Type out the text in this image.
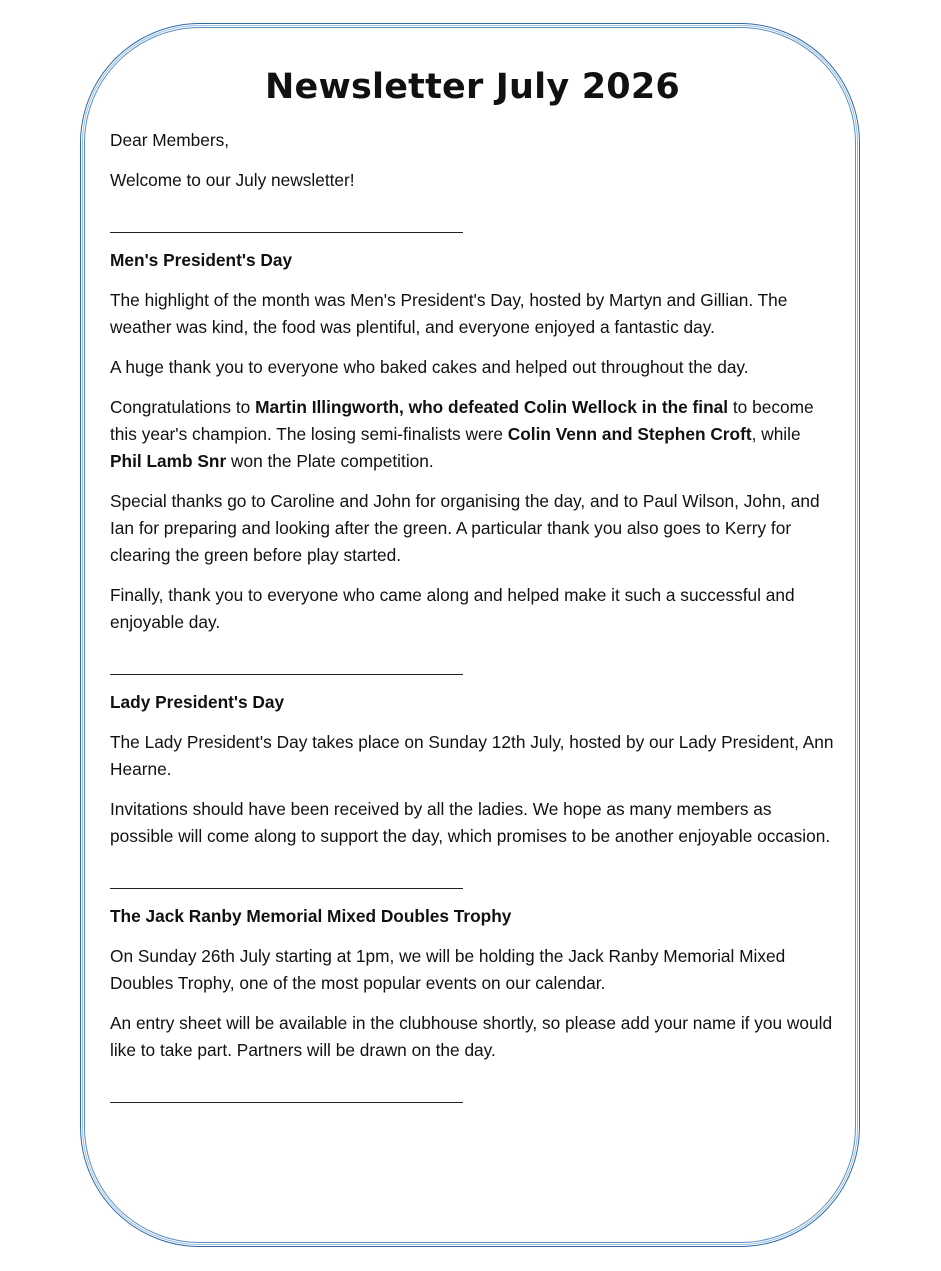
Newsletter July 2026

Dear Members,

Welcome to our July newsletter!

Men's President's Day

The highlight of the month was Men's President's Day, hosted by Martyn and Gillian. The weather was kind, the food was plentiful, and everyone enjoyed a fantastic day.

A huge thank you to everyone who baked cakes and helped out throughout the day.

Congratulations to Martin Illingworth, who defeated Colin Wellock in the final to become this year's champion. The losing semi-finalists were Colin Venn and Stephen Croft, while Phil Lamb Snr won the Plate competition.

Special thanks go to Caroline and John for organising the day, and to Paul Wilson, John, and Ian for preparing and looking after the green. A particular thank you also goes to Kerry for clearing the green before play started.

Finally, thank you to everyone who came along and helped make it such a successful and enjoyable day.

Lady President's Day

The Lady President's Day takes place on Sunday 12th July, hosted by our Lady President, Ann Hearne.

Invitations should have been received by all the ladies. We hope as many members as possible will come along to support the day, which promises to be another enjoyable occasion.

The Jack Ranby Memorial Mixed Doubles Trophy

On Sunday 26th July starting at 1pm, we will be holding the Jack Ranby Memorial Mixed Doubles Trophy, one of the most popular events on our calendar.

An entry sheet will be available in the clubhouse shortly, so please add your name if you would like to take part. Partners will be drawn on the day.
